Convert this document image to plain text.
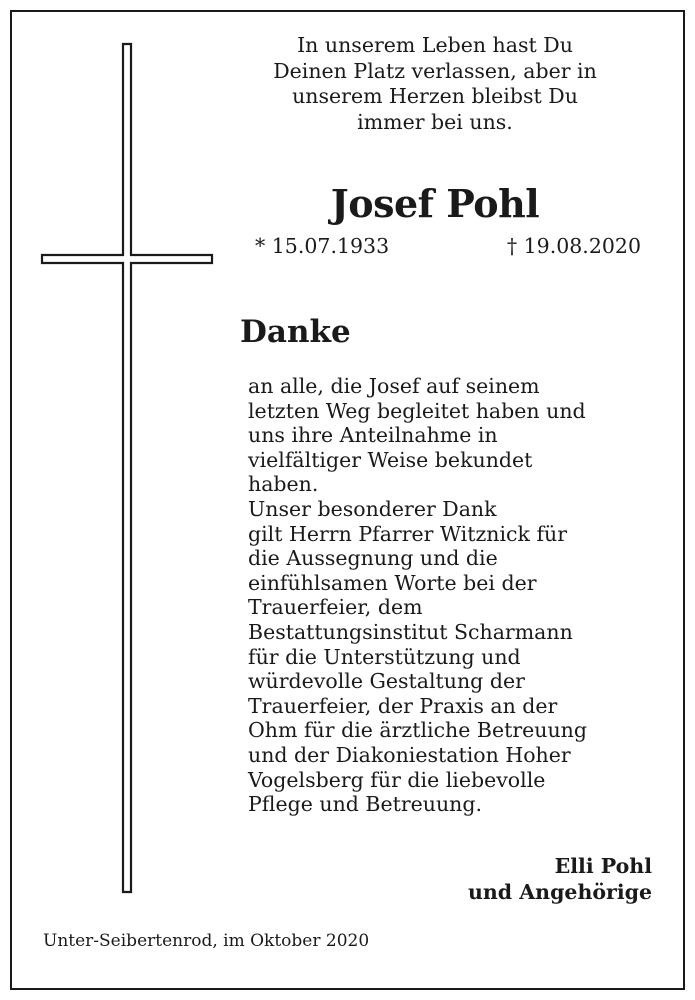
In unserem Leben hast Du
Deinen Platz verlassen, aber in
unserem Herzen bleibst Du
immer bei uns.
Josef Pohl
* 15.07.1933	† 19.08.2020
Danke
an alle, die Josef auf seinem
letzten Weg begleitet haben und
uns ihre Anteilnahme in
vielfältiger Weise bekundet
haben.
Unser besonderer Dank
gilt Herrn Pfarrer Witznick für
die Aussegnung und die
einfühlsamen Worte bei der
Trauerfeier, dem
Bestattungsinstitut Scharmann
für die Unterstützung und
würdevolle Gestaltung der
Trauerfeier, der Praxis an der
Ohm für die ärztliche Betreuung
und der Diakoniestation Hoher
Vogelsberg für die liebevolle
Pflege und Betreuung.
Elli Pohl
und Angehörige
Unter-Seibertenrod, im Oktober 2020
